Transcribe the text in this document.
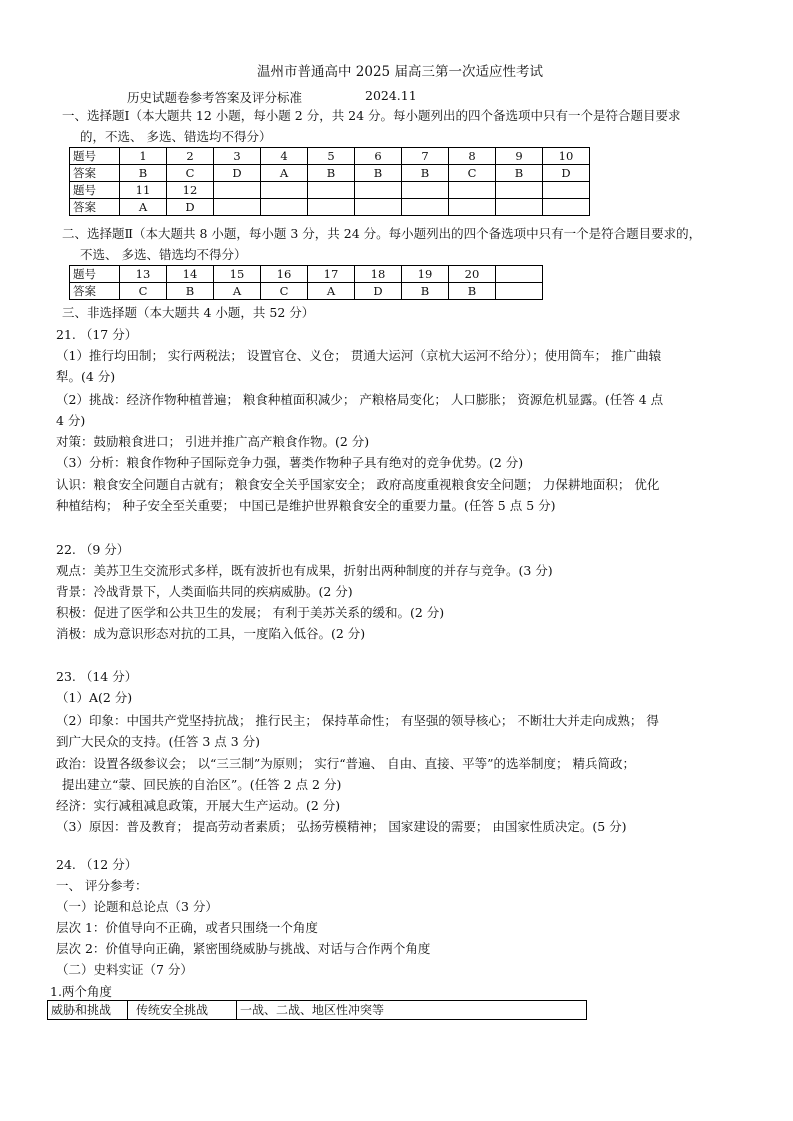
温州市普通高中 2025 届高三第一次适应性考试
历史试题卷参考答案及评分标准	2024.11
一、选择题Ⅰ（本大题共 12 小题，每小题 2 分，共 24 分。每小题列出的四个备选项中只有一个是符合题目要求
的，不选、 多选、错选均不得分）
题号	1	2	3	4	5	6	7	8	9	10
答案	B	C	D	A	B	B	B	C	B	D
题号	11	12								
答案	A	D								
二、选择题Ⅱ（本大题共 8 小题，每小题 3 分，共 24 分。每小题列出的四个备选项中只有一个是符合题目要求的，
不选、 多选、错选均不得分）
题号	13	14	15	16	17	18	19	20	
答案	C	B	A	C	A	D	B	B	
三、非选择题（本大题共 4 小题，共 52 分）
21. （17 分）
（1）推行均田制； 实行两税法； 设置官仓、义仓； 贯通大运河（京杭大运河不给分）；使用筒车； 推广曲辕
犁。(4 分)
（2）挑战：经济作物种植普遍； 粮食种植面积减少； 产粮格局变化； 人口膨胀； 资源危机显露。(任答 4 点
4 分)
对策：鼓励粮食进口； 引进并推广高产粮食作物。(2 分)
（3）分析：粮食作物种子国际竞争力强，薯类作物种子具有绝对的竞争优势。(2 分)
认识：粮食安全问题自古就有； 粮食安全关乎国家安全； 政府高度重视粮食安全问题； 力保耕地面积； 优化
种植结构； 种子安全至关重要； 中国已是维护世界粮食安全的重要力量。(任答 5 点 5 分)
22. （9 分）
观点：美苏卫生交流形式多样，既有波折也有成果，折射出两种制度的并存与竞争。(3 分)
背景：冷战背景下，人类面临共同的疾病威胁。(2 分)
积极：促进了医学和公共卫生的发展； 有利于美苏关系的缓和。(2 分)
消极：成为意识形态对抗的工具，一度陷入低谷。(2 分)
23. （14 分）
（1）A(2 分)
（2）印象：中国共产党坚持抗战； 推行民主； 保持革命性； 有坚强的领导核心； 不断壮大并走向成熟； 得
到广大民众的支持。(任答 3 点 3 分)
政治：设置各级参议会； 以“三三制”为原则； 实行“普遍、 自由、直接、平等”的选举制度； 精兵简政；
提出建立“蒙、回民族的自治区”。(任答 2 点 2 分)
经济：实行减租减息政策，开展大生产运动。(2 分)
（3）原因：普及教育； 提高劳动者素质； 弘扬劳模精神； 国家建设的需要； 由国家性质决定。(5 分)
24. （12 分）
一、 评分参考：
（一）论题和总论点（3 分）
层次 1：价值导向不正确，或者只围绕一个角度
层次 2：价值导向正确，紧密围绕威胁与挑战、对话与合作两个角度
（二）史料实证（7 分）
1.两个角度
威胁和挑战	传统安全挑战	一战、二战、地区性冲突等
